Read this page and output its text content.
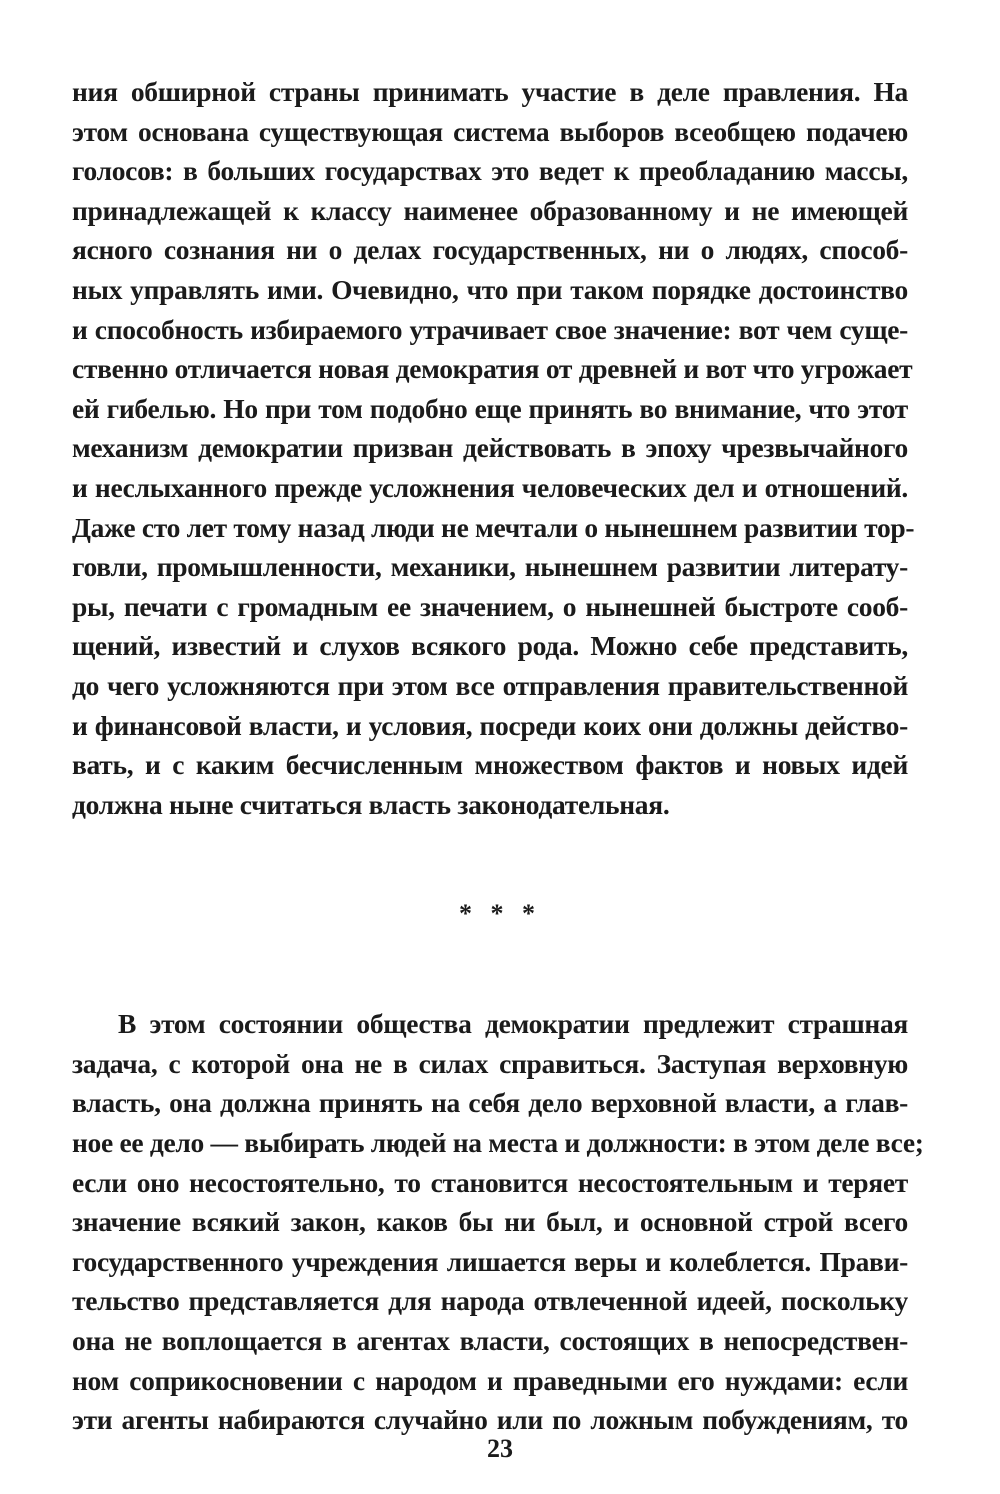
ния обширной страны принимать участие в деле правления. На
этом основана существующая система выборов всеобщею подачею
голосов: в больших государствах это ведет к преобладанию массы,
принадлежащей к классу наименее образованному и не имеющей
ясного сознания ни о делах государственных, ни о людях, способ-
ных управлять ими. Очевидно, что при таком порядке достоинство
и способность избираемого утрачивает свое значение: вот чем суще-
ственно отличается новая демократия от древней и вот что угрожает
ей гибелью. Но при том подобно еще принять во внимание, что этот
механизм демократии призван действовать в эпоху чрезвычайного
и неслыханного прежде усложнения человеческих дел и отношений.
Даже сто лет тому назад люди не мечтали о нынешнем развитии тор-
говли, промышленности, механики, нынешнем развитии литерату-
ры, печати с громадным ее значением, о нынешней быстроте сооб-
щений, известий и слухов всякого рода. Можно себе представить,
до чего усложняются при этом все отправления правительственной
и финансовой власти, и условия, посреди коих они должны действо-
вать, и с каким бесчисленным множеством фактов и новых идей
должна ныне считаться власть законодательная.
* * *
В этом состоянии общества демократии предлежит страшная
задача, с которой она не в силах справиться. Заступая верховную
власть, она должна принять на себя дело верховной власти, а глав-
ное ее дело — выбирать людей на места и должности: в этом деле все;
если оно несостоятельно, то становится несостоятельным и теряет
значение всякий закон, каков бы ни был, и основной строй всего
государственного учреждения лишается веры и колеблется. Прави-
тельство представляется для народа отвлеченной идеей, поскольку
она не воплощается в агентах власти, состоящих в непосредствен-
ном соприкосновении с народом и праведными его нуждами: если
эти агенты набираются случайно или по ложным побуждениям, то
23
